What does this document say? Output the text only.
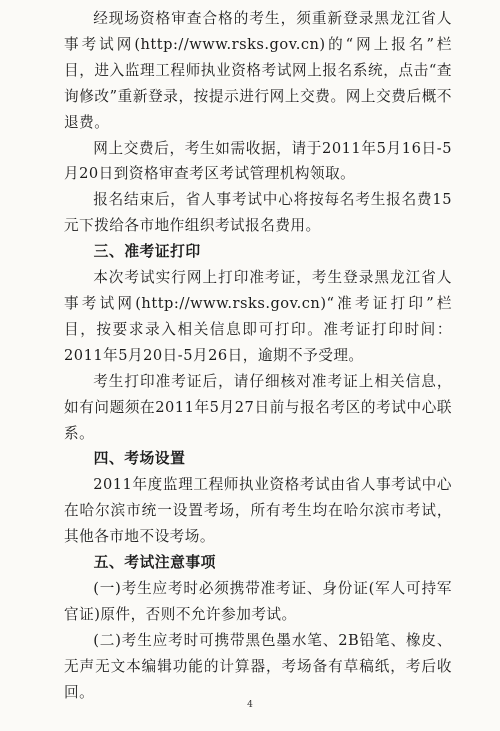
经现场资格审查合格的考生，须重新登录黑龙江省人事考试网(http://www.rsks.gov.cn)的“网上报名”栏目，进入监理工程师执业资格考试网上报名系统，点击“查询修改”重新登录，按提示进行网上交费。网上交费后概不退费。

网上交费后，考生如需收据，请于2011年5月16日-5月20日到资格审查考区考试管理机构领取。

报名结束后，省人事考试中心将按每名考生报名费15元下拨给各市地作组织考试报名费用。

三、准考证打印

本次考试实行网上打印准考证，考生登录黑龙江省人事考试网(http://www.rsks.gov.cn)“准考证打印”栏目，按要求录入相关信息即可打印。准考证打印时间：2011年5月20日-5月26日，逾期不予受理。

考生打印准考证后，请仔细核对准考证上相关信息，如有问题须在2011年5月27日前与报名考区的考试中心联系。

四、考场设置

2011年度监理工程师执业资格考试由省人事考试中心在哈尔滨市统一设置考场，所有考生均在哈尔滨市考试，其他各市地不设考场。

五、考试注意事项

(一)考生应考时必须携带准考证、身份证(军人可持军官证)原件，否则不允许参加考试。

(二)考生应考时可携带黑色墨水笔、2B铅笔、橡皮、无声无文本编辑功能的计算器，考场备有草稿纸，考后收回。

4
